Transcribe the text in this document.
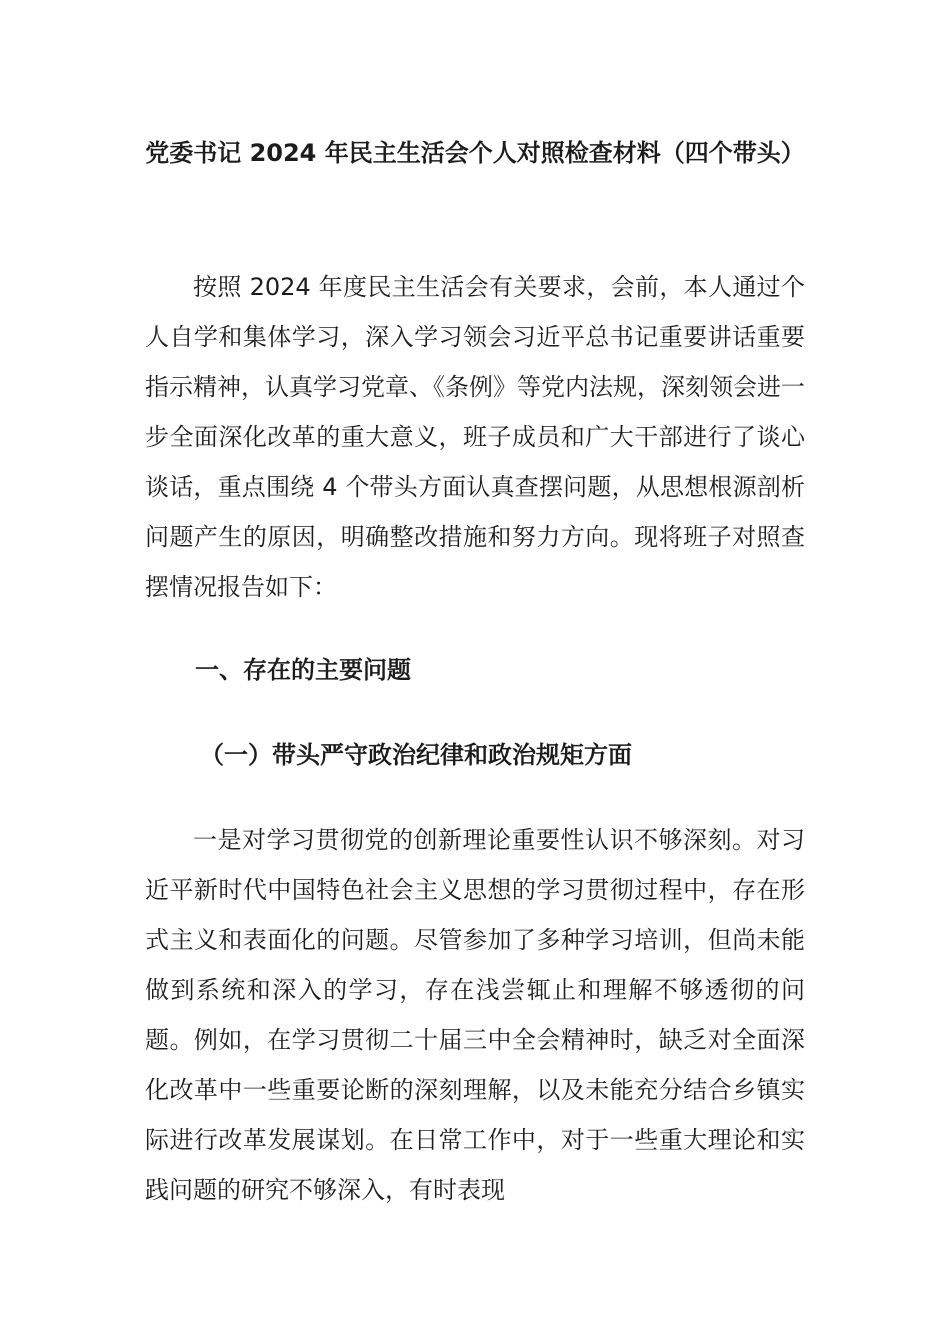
党委书记 2024 年民主生活会个人对照检查材料（四个带头）

按照 2024 年度民主生活会有关要求，会前，本人通过个人自学和集体学习，深入学习领会习近平总书记重要讲话重要指示精神，认真学习党章、《条例》等党内法规，深刻领会进一步全面深化改革的重大意义，班子成员和广大干部进行了谈心谈话，重点围绕 4 个带头方面认真查摆问题，从思想根源剖析问题产生的原因，明确整改措施和努力方向。现将班子对照查摆情况报告如下：

一、存在的主要问题
（一）带头严守政治纪律和政治规矩方面

一是对学习贯彻党的创新理论重要性认识不够深刻。对习近平新时代中国特色社会主义思想的学习贯彻过程中，存在形式主义和表面化的问题。尽管参加了多种学习培训，但尚未能做到系统和深入的学习，存在浅尝辄止和理解不够透彻的问题。例如，在学习贯彻二十届三中全会精神时，缺乏对全面深化改革中一些重要论断的深刻理解，以及未能充分结合乡镇实际进行改革发展谋划。在日常工作中，对于一些重大理论和实践问题的研究不够深入，有时表现
